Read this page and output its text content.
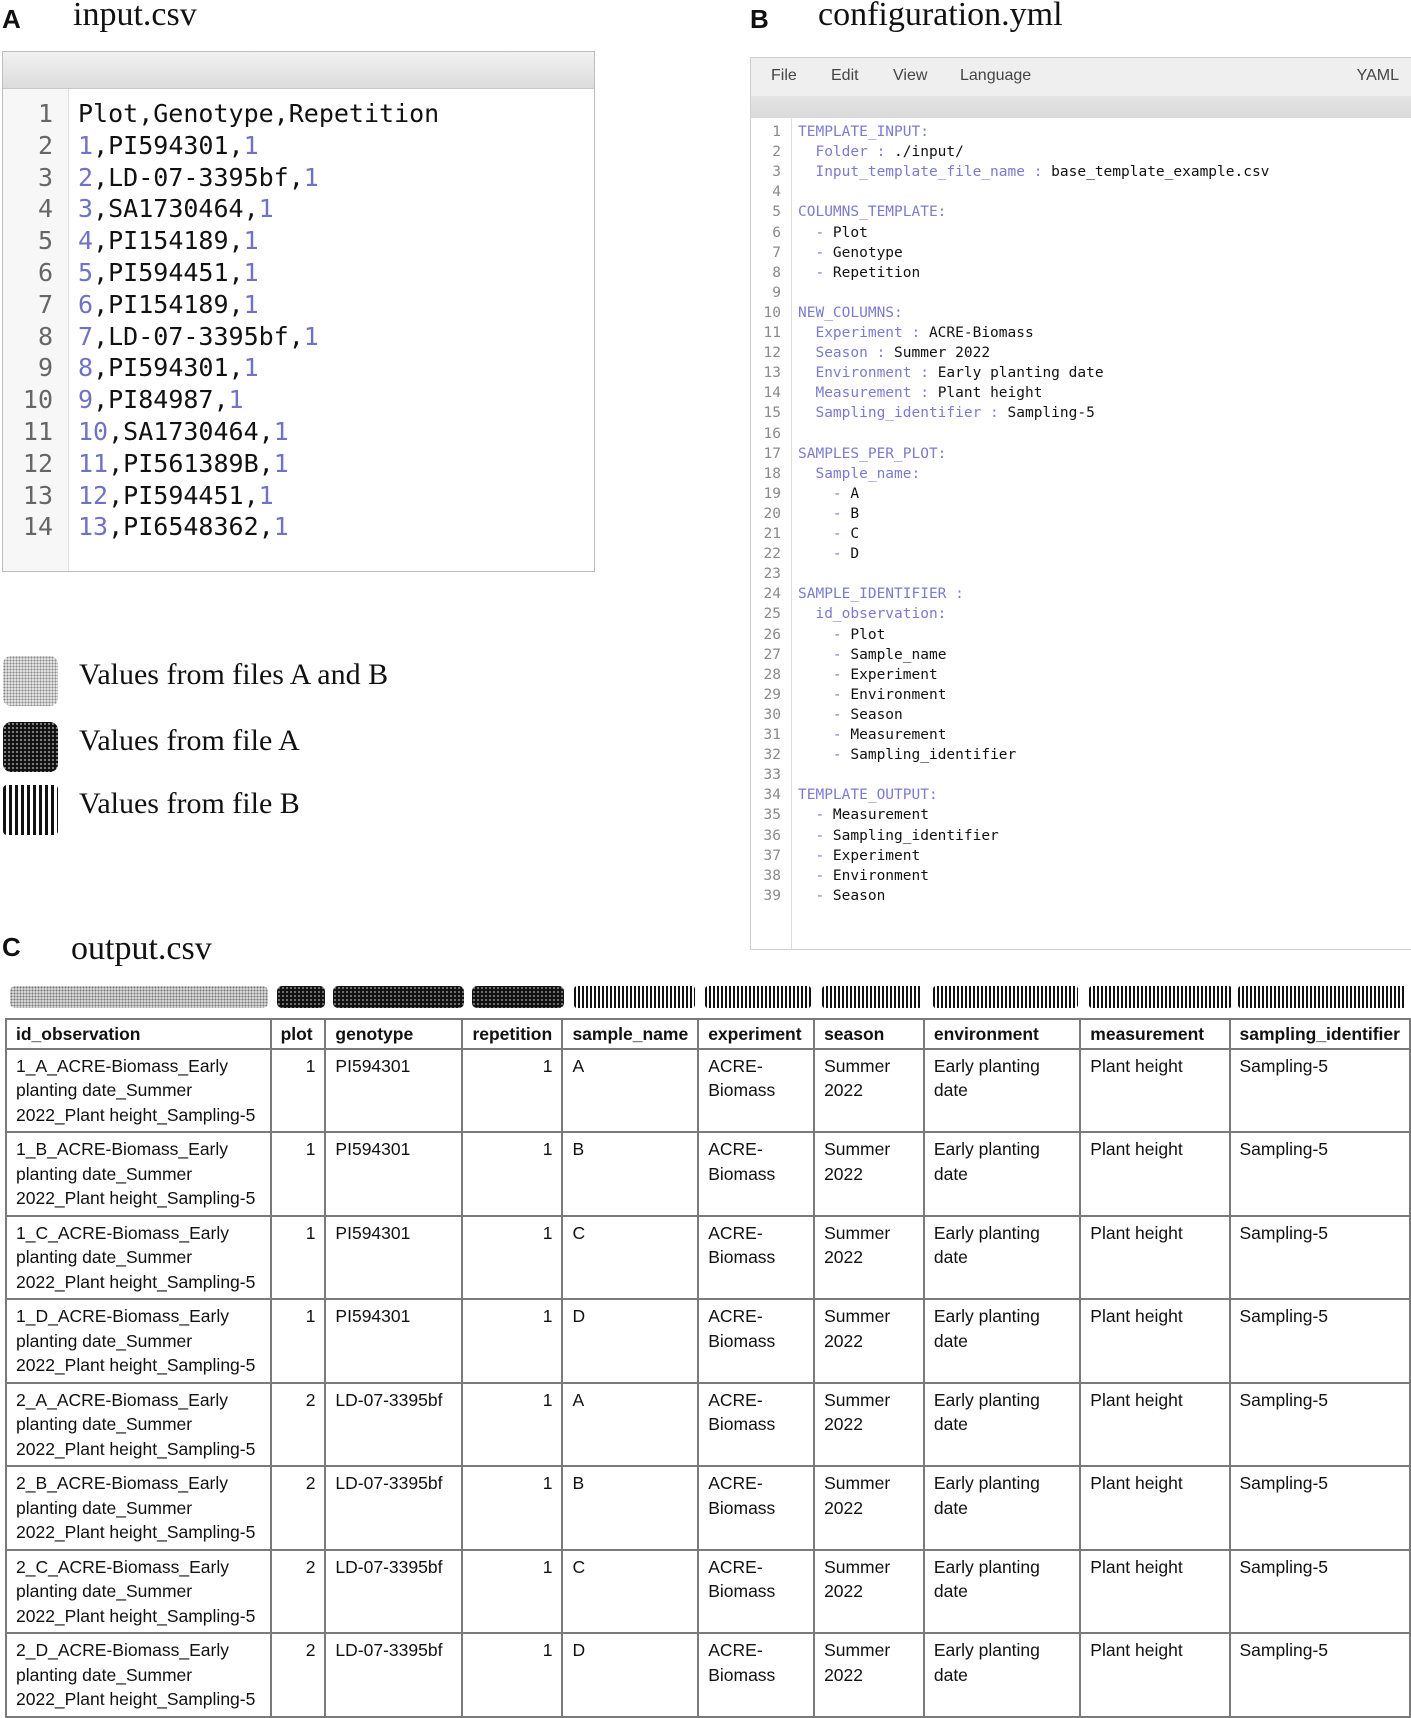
A input.csv
1 Plot,Genotype,Repetition
2 1,PI594301,1
3 2,LD-07-3395bf,1
4 3,SA1730464,1
5 4,PI154189,1
6 5,PI594451,1
7 6,PI154189,1
8 7,LD-07-3395bf,1
9 8,PI594301,1
10 9,PI84987,1
11 10,SA1730464,1
12 11,PI561389B,1
13 12,PI594451,1
14 13,PI6548362,1
Values from files A and B
Values from file A
Values from file B
B configuration.yml
File Edit View Language	YAML
1 TEMPLATE_INPUT:
2 Folder : ./input/
3 Input_template_file_name : base_template_example.csv
4
5 COLUMNS_TEMPLATE:
6 - Plot
7 - Genotype
8 - Repetition
9
10 NEW_COLUMNS:
11 Experiment : ACRE-Biomass
12 Season : Summer 2022
13 Environment : Early planting date
14 Measurement : Plant height
15 Sampling_identifier : Sampling-5
16
17 SAMPLES_PER_PLOT:
18 Sample_name:
19 - A
20 - B
21 - C
22 - D
23
24 SAMPLE_IDENTIFIER :
25 id_observation:
26 - Plot
27 - Sample_name
28 - Experiment
29 - Environment
30 - Season
31 - Measurement
32 - Sampling_identifier
33
34 TEMPLATE_OUTPUT:
35 - Measurement
36 - Sampling_identifier
37 - Experiment
38 - Environment
39 - Season
C output.csv
id_observation	plot	genotype	repetition	sample_name	experiment	season	environment	measurement	sampling_identifier
1_A_ACRE-Biomass_Early planting date_Summer 2022_Plant height_Sampling-5	1	PI594301	1	A	ACRE-Biomass	Summer 2022	Early planting date	Plant height	Sampling-5
1_B_ACRE-Biomass_Early planting date_Summer 2022_Plant height_Sampling-5	1	PI594301	1	B	ACRE-Biomass	Summer 2022	Early planting date	Plant height	Sampling-5
1_C_ACRE-Biomass_Early planting date_Summer 2022_Plant height_Sampling-5	1	PI594301	1	C	ACRE-Biomass	Summer 2022	Early planting date	Plant height	Sampling-5
1_D_ACRE-Biomass_Early planting date_Summer 2022_Plant height_Sampling-5	1	PI594301	1	D	ACRE-Biomass	Summer 2022	Early planting date	Plant height	Sampling-5
2_A_ACRE-Biomass_Early planting date_Summer 2022_Plant height_Sampling-5	2	LD-07-3395bf	1	A	ACRE-Biomass	Summer 2022	Early planting date	Plant height	Sampling-5
2_B_ACRE-Biomass_Early planting date_Summer 2022_Plant height_Sampling-5	2	LD-07-3395bf	1	B	ACRE-Biomass	Summer 2022	Early planting date	Plant height	Sampling-5
2_C_ACRE-Biomass_Early planting date_Summer 2022_Plant height_Sampling-5	2	LD-07-3395bf	1	C	ACRE-Biomass	Summer 2022	Early planting date	Plant height	Sampling-5
2_D_ACRE-Biomass_Early planting date_Summer 2022_Plant height_Sampling-5	2	LD-07-3395bf	1	D	ACRE-Biomass	Summer 2022	Early planting date	Plant height	Sampling-5
